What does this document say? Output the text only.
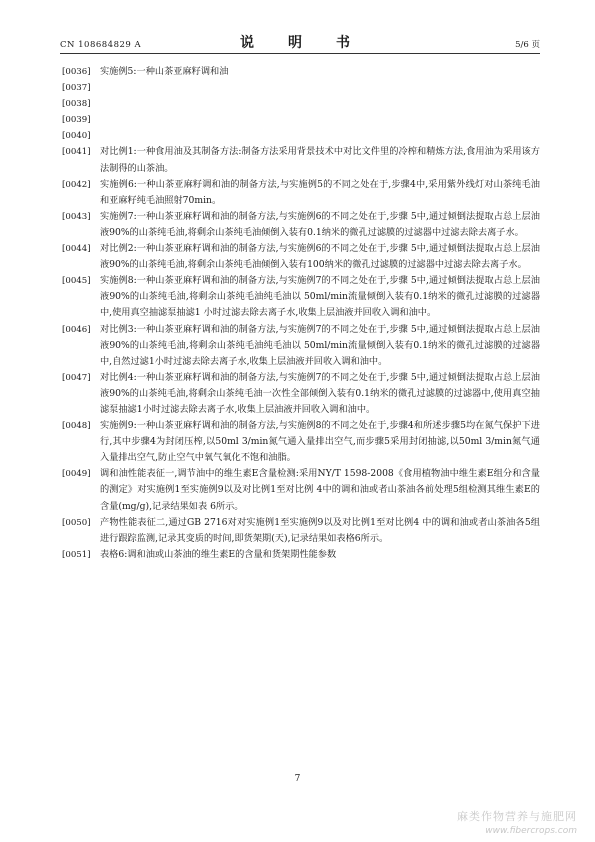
CN 108684829 A	说　明　书	5/6 页
[0036]	实施例5:一种山茶亚麻籽调和油
[0037]
[0038]
[0039]
[0040]
[0041]	对比例1:一种食用油及其制备方法:制备方法采用背景技术中对比文件里的冷榨和精炼方法,食用油为采用该方法制得的山茶油。
[0042]	实施例6:一种山茶亚麻籽调和油的制备方法,与实施例5的不同之处在于,步骤4中,采用紫外线灯对山茶纯毛油和亚麻籽纯毛油照射70min。
[0043]	实施例7:一种山茶亚麻籽调和油的制备方法,与实施例6的不同之处在于,步骤 5中,通过倾倒法提取占总上层油液90%的山茶纯毛油,将剩余山茶纯毛油倾倒入装有0.1纳米的微孔过滤膜的过滤器中过滤去除去离子水。
[0044]	对比例2:一种山茶亚麻籽调和油的制备方法,与实施例6的不同之处在于,步骤 5中,通过倾倒法提取占总上层油液90%的山茶纯毛油,将剩余山茶纯毛油倾倒入装有100纳米的微孔过滤膜的过滤器中过滤去除去离子水。
[0045]	实施例8:一种山茶亚麻籽调和油的制备方法,与实施例7的不同之处在于,步骤 5中,通过倾倒法提取占总上层油液90%的山茶纯毛油,将剩余山茶纯毛油纯毛油以 50ml/min流量倾倒入装有0.1纳米的微孔过滤膜的过滤器中,使用真空抽滤泵抽滤1 小时过滤去除去离子水,收集上层油液并回收入调和油中。
[0046]	对比例3:一种山茶亚麻籽调和油的制备方法,与实施例7的不同之处在于,步骤 5中,通过倾倒法提取占总上层油液90%的山茶纯毛油,将剩余山茶纯毛油纯毛油以 50ml/min流量倾倒入装有0.1纳米的微孔过滤膜的过滤器中,自然过滤1小时过滤去除去离子水,收集上层油液并回收入调和油中。
[0047]	对比例4:一种山茶亚麻籽调和油的制备方法,与实施例7的不同之处在于,步骤 5中,通过倾倒法提取占总上层油液90%的山茶纯毛油,将剩余山茶纯毛油一次性全部倾倒入装有0.1纳米的微孔过滤膜的过滤器中,使用真空抽滤泵抽滤1小时过滤去除去离子水,收集上层油液并回收入调和油中。
[0048]	实施例9:一种山茶亚麻籽调和油的制备方法,与实施例8的不同之处在于,步骤4和所述步骤5均在氮气保护下进行,其中步骤4为封闭压榨,以50ml 3/min氮气通入量排出空气,而步骤5采用封闭抽滤,以50ml 3/min氮气通入量排出空气,防止空气中氧气氧化不饱和油脂。
[0049]	调和油性能表征一,调节油中的维生素E含量检测:采用NY/T 1598-2008《食用植物油中维生素E组分和含量的测定》对实施例1至实施例9以及对比例1至对比例 4中的调和油或者山茶油各前处理5组检测其维生素E的含量(mg/g),记录结果如表 6所示。
[0050]	产物性能表征二,通过GB 2716对对实施例1至实施例9以及对比例1至对比例4 中的调和油或者山茶油各5组进行跟踪监测,记录其变质的时间,即货架期(天),记录结果如表格6所示。
[0051]	表格6:调和油或山茶油的维生素E的含量和货架期性能参数
7
麻类作物营养与施肥网
www.fibercrops.com
